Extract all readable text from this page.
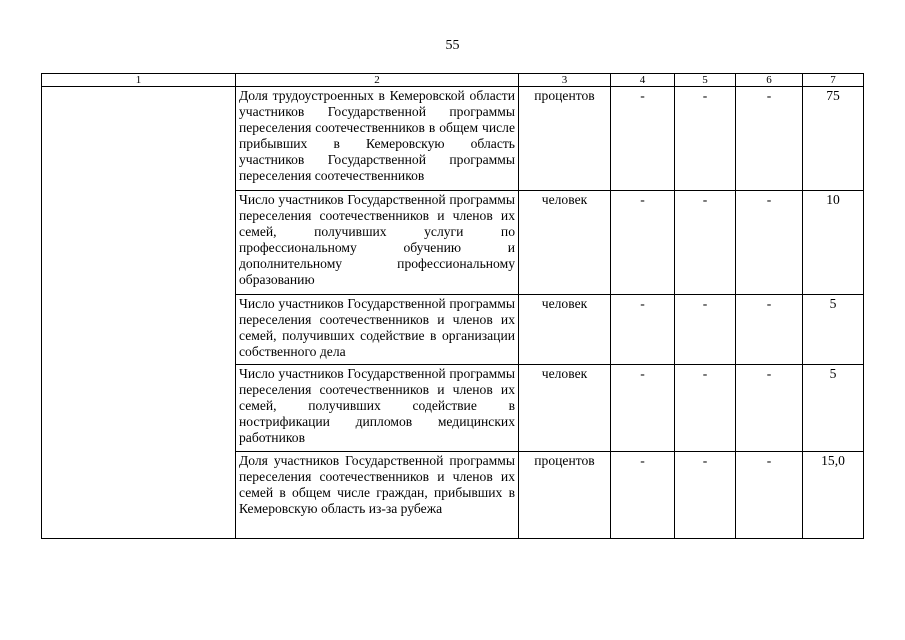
55
1	2	3	4	5	6	7

	Доля трудоустроенных в Кемеровской области участников Государственной программы переселения соотечественников в общем числе прибывших в Кемеровскую область участников Государственной программы переселения соотечественников	процентов	-	-	-	75

	Число участников Государственной программы переселения соотечественников и членов их семей, получивших услуги по профессиональному обучению и дополнительному профессиональному образованию	человек	-	-	-	10

	Число участников Государственной программы переселения соотечественников и членов их семей, получивших содействие в организации собственного дела	человек	-	-	-	5

	Число участников Государственной программы переселения соотечественников и членов их семей, получивших содействие в нострификации дипломов медицинских работников	человек	-	-	-	5

	Доля участников Государственной программы переселения соотечественников и членов их семей в общем числе граждан, прибывших в Кемеровскую область из-за рубежа	процентов	-	-	-	15,0
